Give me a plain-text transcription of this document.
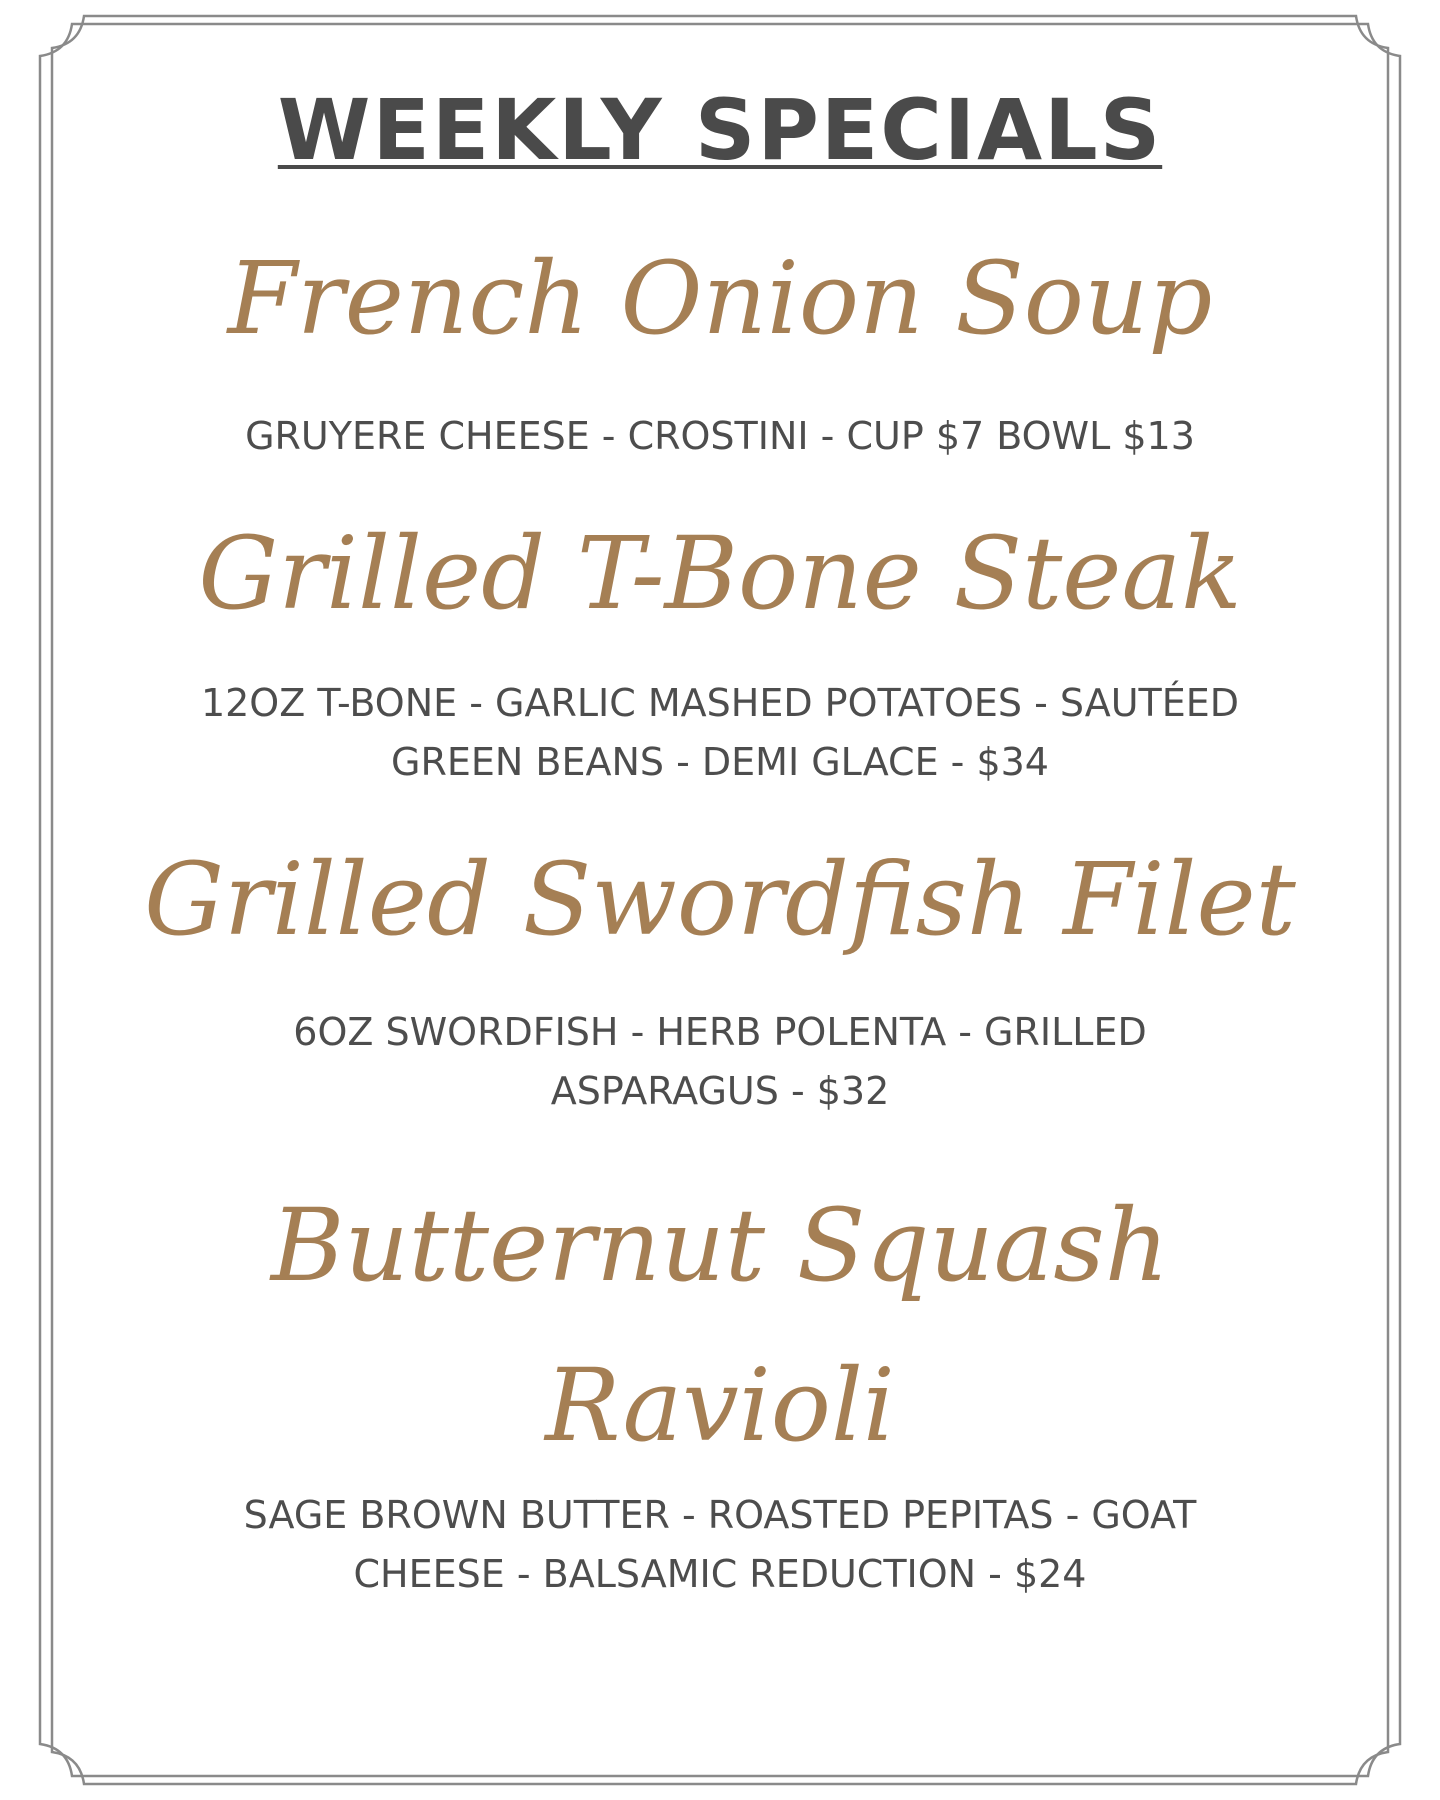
WEEKLY SPECIALS
French Onion Soup
GRUYERE CHEESE - CROSTINI - CUP $7 BOWL $13
Grilled T-Bone Steak
12OZ T-BONE - GARLIC MASHED POTATOES - SAUTÉED
GREEN BEANS - DEMI GLACE - $34
Grilled Swordfish Filet
6OZ SWORDFISH - HERB POLENTA - GRILLED
ASPARAGUS - $32
Butternut Squash
Ravioli
SAGE BROWN BUTTER - ROASTED PEPITAS - GOAT
CHEESE - BALSAMIC REDUCTION - $24
